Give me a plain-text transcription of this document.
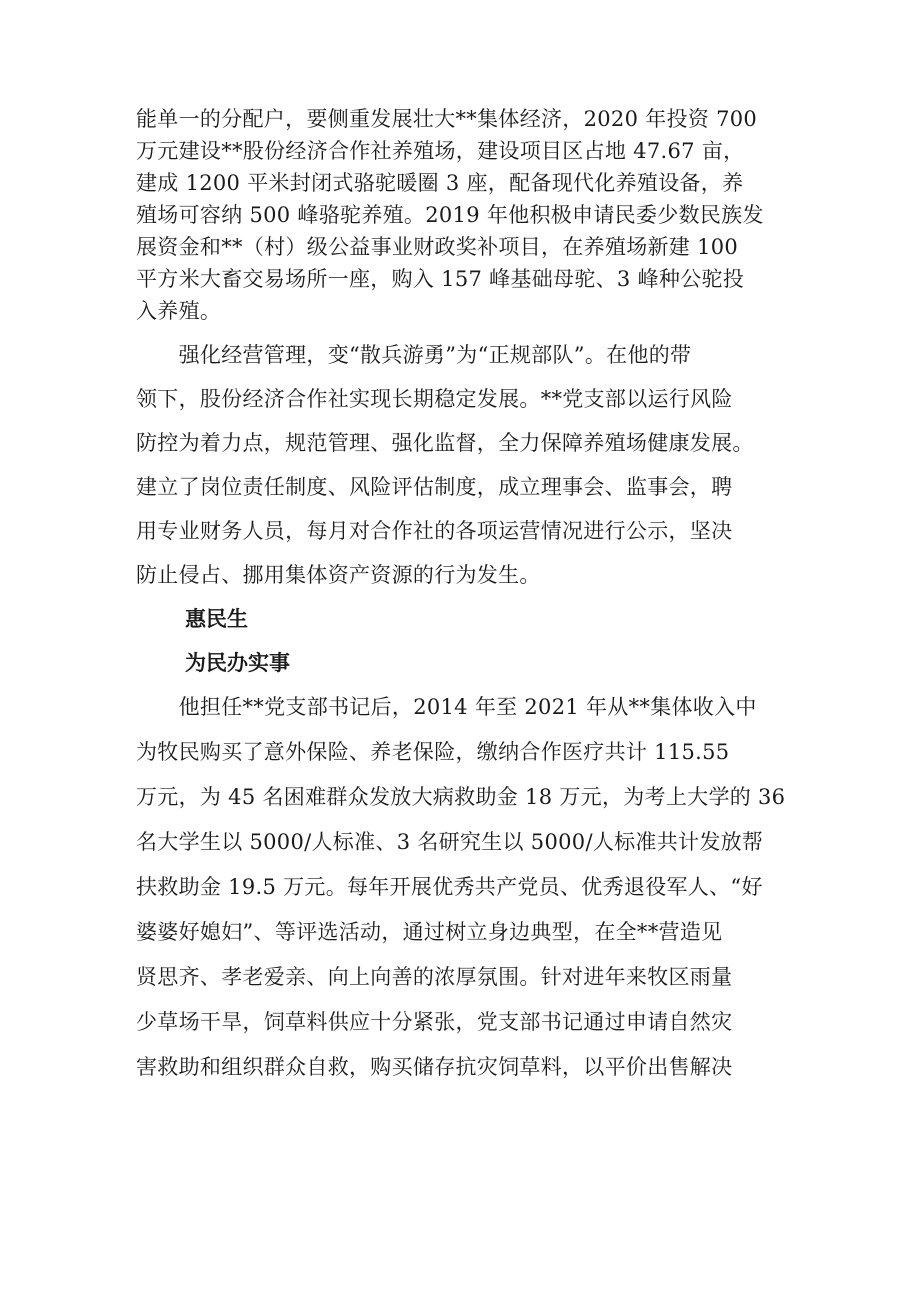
能单一的分配户，要侧重发展壮大**集体经济，2020 年投资 700
万元建设**股份经济合作社养殖场，建设项目区占地 47.67 亩，
建成 1200 平米封闭式骆驼暖圈 3 座，配备现代化养殖设备，养
殖场可容纳 500 峰骆驼养殖。2019 年他积极申请民委少数民族发
展资金和**（村）级公益事业财政奖补项目，在养殖场新建 100
平方米大畜交易场所一座，购入 157 峰基础母驼、3 峰种公驼投
入养殖。
　　强化经营管理，变“散兵游勇”为“正规部队”。在他的带
领下，股份经济合作社实现长期稳定发展。**党支部以运行风险
防控为着力点，规范管理、强化监督，全力保障养殖场健康发展。
建立了岗位责任制度、风险评估制度，成立理事会、监事会，聘
用专业财务人员，每月对合作社的各项运营情况进行公示，坚决
防止侵占、挪用集体资产资源的行为发生。
惠民生
为民办实事
　　他担任**党支部书记后，2014 年至 2021 年从**集体收入中
为牧民购买了意外保险、养老保险，缴纳合作医疗共计 115.55
万元，为 45 名困难群众发放大病救助金 18 万元，为考上大学的 36
名大学生以 5000/人标准、3 名研究生以 5000/人标准共计发放帮
扶救助金 19.5 万元。每年开展优秀共产党员、优秀退役军人、“好
婆婆好媳妇”、等评选活动，通过树立身边典型，在全**营造见
贤思齐、孝老爱亲、向上向善的浓厚氛围。针对进年来牧区雨量
少草场干旱，饲草料供应十分紧张，党支部书记通过申请自然灾
害救助和组织群众自救，购买储存抗灾饲草料，以平价出售解决
